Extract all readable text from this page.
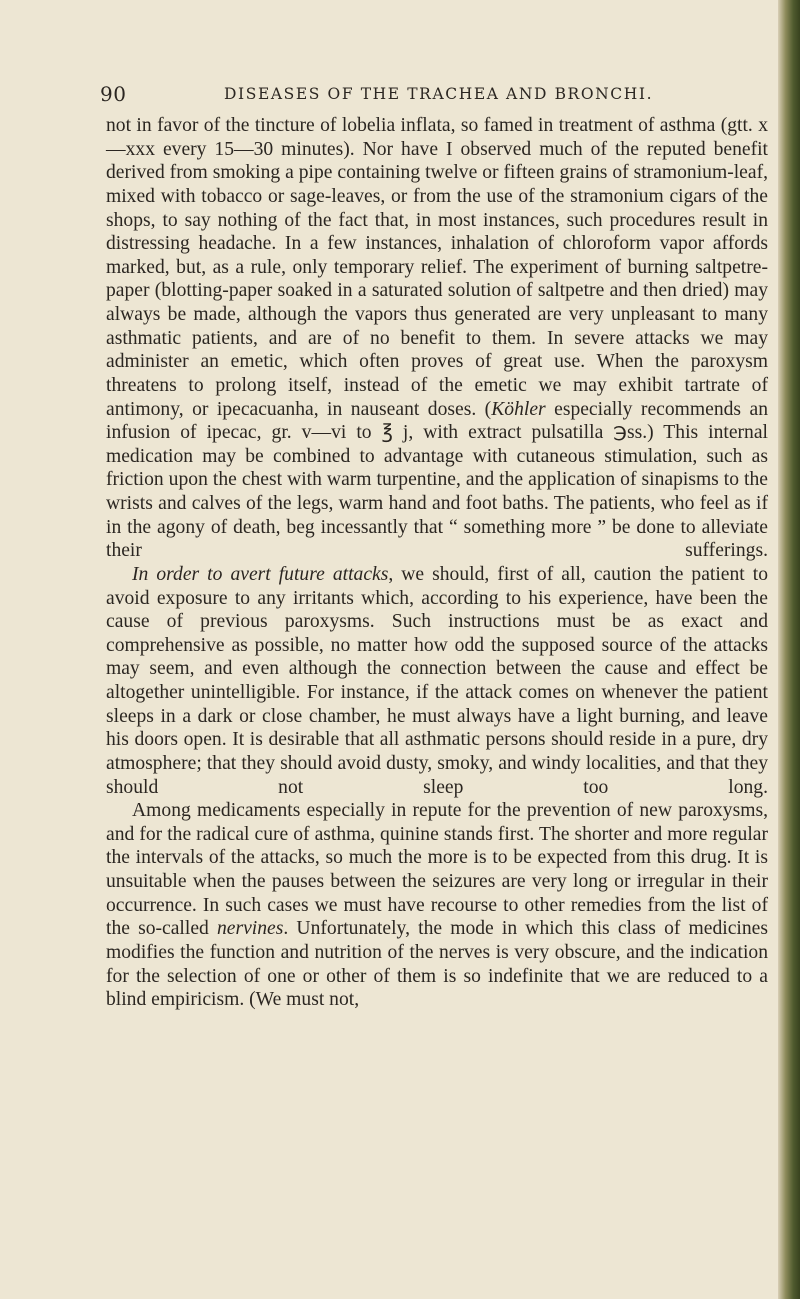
90	DISEASES OF THE TRACHEA AND BRONCHI.

not in favor of the tincture of lobelia inflata, so famed in treatment of asthma (gtt. x—xxx every 15—30 minutes). Nor have I observed much of the reputed benefit derived from smoking a pipe containing twelve or fifteen grains of stramonium-leaf, mixed with tobacco or sage-leaves, or from the use of the stramonium cigars of the shops, to say nothing of the fact that, in most instances, such procedures result in distressing headache. In a few instances, inhalation of chloroform vapor affords marked, but, as a rule, only temporary relief. The experiment of burning saltpetre-paper (blotting-paper soaked in a saturated solution of saltpetre and then dried) may always be made, although the vapors thus generated are very unpleasant to many asthmatic patients, and are of no benefit to them. In severe attacks we may administer an emetic, which often proves of great use. When the paroxysm threatens to prolong itself, instead of the emetic we may exhibit tartrate of antimony, or ipecacuanha, in nauseant doses. (Köhler especially recommends an infusion of ipecac, gr. v—vi to ℥ j, with extract pulsatilla ℈ss.) This internal medication may be combined to advantage with cutaneous stimulation, such as friction upon the chest with warm turpentine, and the application of sinapisms to the wrists and calves of the legs, warm hand and foot baths. The patients, who feel as if in the agony of death, beg incessantly that “ something more ” be done to alleviate their sufferings.

In order to avert future attacks, we should, first of all, caution the patient to avoid exposure to any irritants which, according to his experience, have been the cause of previous paroxysms. Such instructions must be as exact and comprehensive as possible, no matter how odd the supposed source of the attacks may seem, and even although the connection between the cause and effect be altogether unintelligible. For instance, if the attack comes on whenever the patient sleeps in a dark or close chamber, he must always have a light burning, and leave his doors open. It is desirable that all asthmatic persons should reside in a pure, dry atmosphere; that they should avoid dusty, smoky, and windy localities, and that they should not sleep too long.

Among medicaments especially in repute for the prevention of new paroxysms, and for the radical cure of asthma, quinine stands first. The shorter and more regular the intervals of the attacks, so much the more is to be expected from this drug. It is unsuitable when the pauses between the seizures are very long or irregular in their occurrence. In such cases we must have recourse to other remedies from the list of the so-called nervines. Unfortunately, the mode in which this class of medicines modifies the function and nutrition of the nerves is very obscure, and the indication for the selection of one or other of them is so indefinite that we are reduced to a blind empiricism. (We must not,
